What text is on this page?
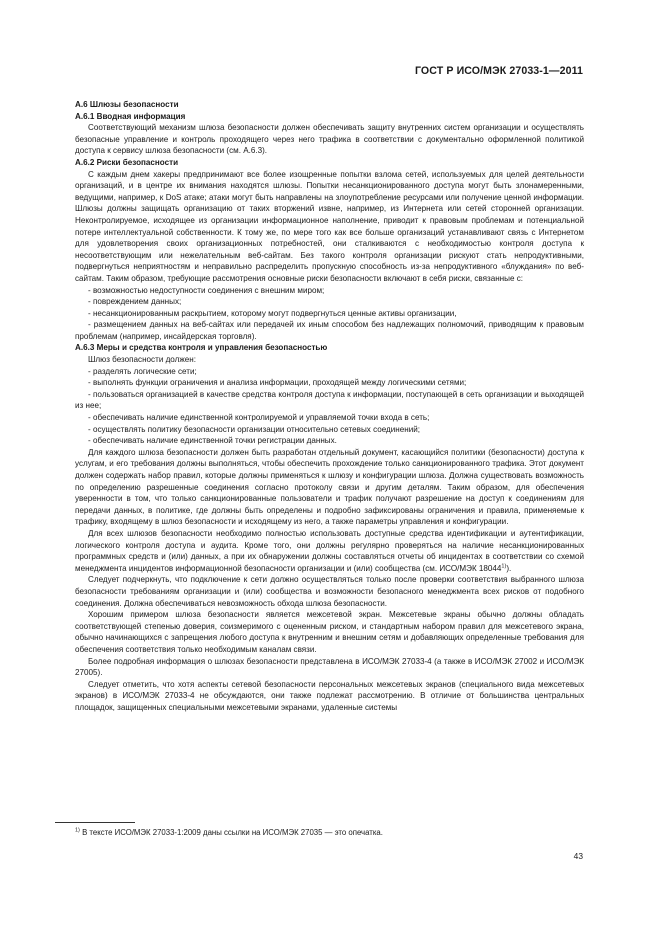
ГОСТ Р ИСО/МЭК 27033-1—2011
А.6 Шлюзы безопасности
А.6.1 Вводная информация

Соответствующий механизм шлюза безопасности должен обеспечивать защиту внутренних систем организации и осуществлять безопасные управление и контроль проходящего через него трафика в соответствии с документально оформленной политикой доступа к сервису шлюза безопасности (см. А.6.3).

А.6.2 Риски безопасности

С каждым днем хакеры предпринимают все более изощренные попытки взлома сетей, используемых для целей деятельности организаций, и в центре их внимания находятся шлюзы. Попытки несанкционированного доступа могут быть злонамеренными, ведущими, например, к DoS атаке; атаки могут быть направлены на злоупотребление ресурсами или получение ценной информации. Шлюзы должны защищать организацию от таких вторжений извне, например, из Интернета или сетей сторонней организации. Неконтролируемое, исходящее из организации информационное наполнение, приводит к правовым проблемам и потенциальной потере интеллектуальной собственности. К тому же, по мере того как все больше организаций устанавливают связь с Интернетом для удовлетворения своих организационных потребностей, они сталкиваются с необходимостью контроля доступа к несоответствующим или нежелательным веб-сайтам. Без такого контроля организации рискуют стать непродуктивными, подвергнуться неприятностям и неправильно распределить пропускную способность из-за непродуктивного «блуждания» по веб-сайтам. Таким образом, требующие рассмотрения основные риски безопасности включают в себя риски, связанные с:

- возможностью недоступности соединения с внешним миром;

- повреждением данных;

- несанкционированным раскрытием, которому могут подвергнуться ценные активы организации,

- размещением данных на веб-сайтах или передачей их иным способом без надлежащих полномочий, приводящим к правовым проблемам (например, инсайдерская торговля).

А.6.3 Меры и средства контроля и управления безопасностью

Шлюз безопасности должен:

- разделять логические сети;

- выполнять функции ограничения и анализа информации, проходящей между логическими сетями;

- пользоваться организацией в качестве средства контроля доступа к информации, поступающей в сеть организации и выходящей из нее;

- обеспечивать наличие единственной контролируемой и управляемой точки входа в сеть;

- осуществлять политику безопасности организации относительно сетевых соединений;

- обеспечивать наличие единственной точки регистрации данных.

Для каждого шлюза безопасности должен быть разработан отдельный документ, касающийся политики (безопасности) доступа к услугам, и его требования должны выполняться, чтобы обеспечить прохождение только санкционированного трафика. Этот документ должен содержать набор правил, которые должны применяться к шлюзу и конфигурации шлюза. Должна существовать возможность по определению разрешенные соединения согласно протоколу связи и другим деталям. Таким образом, для обеспечения уверенности в том, что только санкционированные пользователи и трафик получают разрешение на доступ к соединениям для передачи данных, в политике, где должны быть определены и подробно зафиксированы ограничения и правила, применяемые к трафику, входящему в шлюз безопасности и исходящему из него, а также параметры управления и конфигурации.

Для всех шлюзов безопасности необходимо полностью использовать доступные средства идентификации и аутентификации, логического контроля доступа и аудита. Кроме того, они должны регулярно проверяться на наличие несанкционированных программных средств и (или) данных, а при их обнаружении должны составляться отчеты об инцидентах в соответствии со схемой менеджмента инцидентов информационной безопасности организации и (или) сообщества (см. ИСО/МЭК 18044$^{1)}$).

Следует подчеркнуть, что подключение к сети должно осуществляться только после проверки соответствия выбранного шлюза безопасности требованиям организации и (или) сообщества и возможности безопасного менеджмента всех рисков от подобного соединения. Должна обеспечиваться невозможность обхода шлюза безопасности.

Хорошим примером шлюза безопасности является межсетевой экран. Межсетевые экраны обычно должны обладать соответствующей степенью доверия, соизмеримого с оцененным риском, и стандартным набором правил для межсетевого экрана, обычно начинающихся с запрещения любого доступа к внутренним и внешним сетям и добавляющих определенные требования для обеспечения соответствия только необходимым каналам связи.

Более подробная информация о шлюзах безопасности представлена в ИСО/МЭК 27033-4 (а также в ИСО/МЭК 27002 и ИСО/МЭК 27005).

Следует отметить, что хотя аспекты сетевой безопасности персональных межсетевых экранов (специального вида межсетевых экранов) в ИСО/МЭК 27033-4 не обсуждаются, они также подлежат рассмотрению. В отличие от большинства центральных площадок, защищенных специальными межсетевыми экранами, удаленные системы

$^{1)}$ В тексте ИСО/МЭК 27033-1:2009 даны ссылки на ИСО/МЭК 27035 — это опечатка.
43
